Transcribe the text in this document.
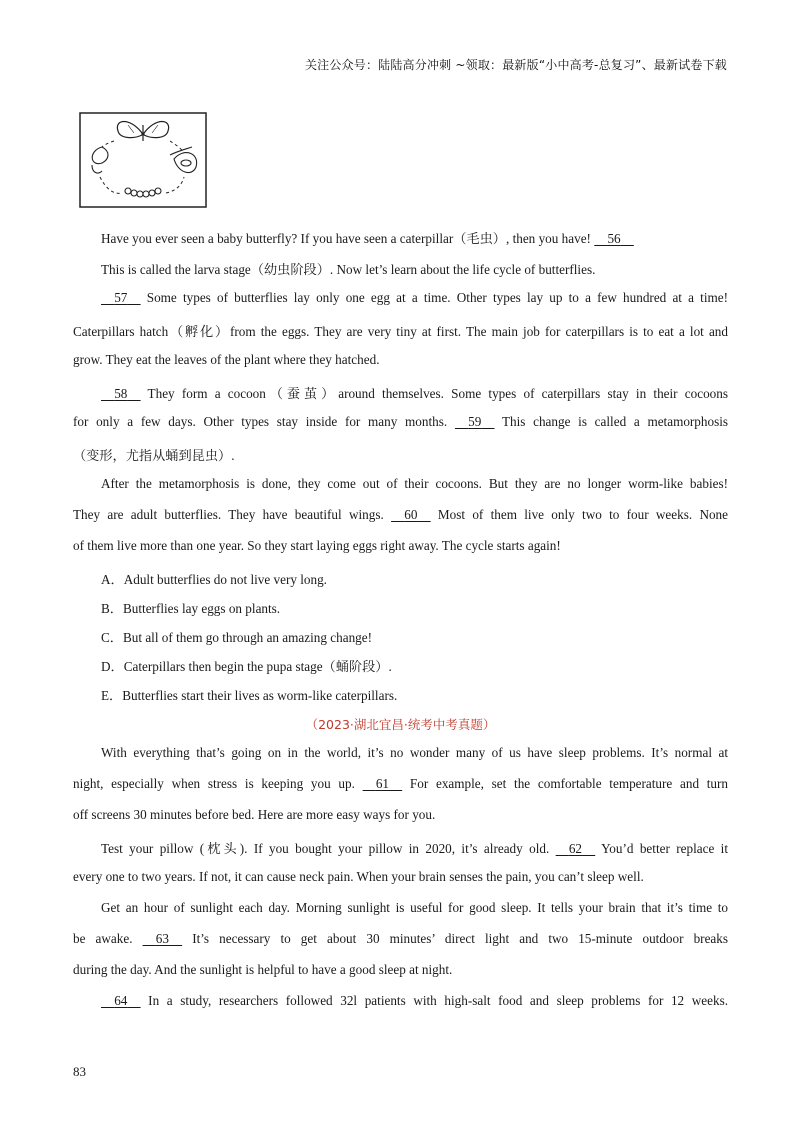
关注公众号：陆陆高分冲刺 ~领取：最新版“小中高考-总复习”、最新试卷下载
Have you ever seen a baby butterfly? If you have seen a caterpillar（毛虫）, then you have! 56
This is called the larva stage（幼虫阶段）. Now let’s learn about the life cycle of butterflies.
57 Some types of butterflies lay only one egg at a time. Other types lay up to a few hundred at a time!
Caterpillars hatch（孵化）from the eggs. They are very tiny at first. The main job for caterpillars is to eat a lot and
grow. They eat the leaves of the plant where they hatched.
58 They form a cocoon（蚕茧）around themselves. Some types of caterpillars stay in their cocoons
for only a few days. Other types stay inside for many months. 59 This change is called a metamorphosis
（变形，尤指从蛹到昆虫）.
After the metamorphosis is done, they come out of their cocoons. But they are no longer worm-like babies!
They are adult butterflies. They have beautiful wings. 60 Most of them live only two to four weeks. None
of them live more than one year. So they start laying eggs right away. The cycle starts again!
A．Adult butterflies do not live very long.
B．Butterflies lay eggs on plants.
C．But all of them go through an amazing change!
D．Caterpillars then begin the pupa stage（蛹阶段）.
E．Butterflies start their lives as worm-like caterpillars.
（2023·湖北宜昌·统考中考真题）
With everything that’s going on in the world, it’s no wonder many of us have sleep problems. It’s normal at
night, especially when stress is keeping you up. 61 For example, set the comfortable temperature and turn
off screens 30 minutes before bed. Here are more easy ways for you.
Test your pillow (枕头). If you bought your pillow in 2020, it’s already old. 62 You’d better replace it
every one to two years. If not, it can cause neck pain. When your brain senses the pain, you can’t sleep well.
Get an hour of sunlight each day. Morning sunlight is useful for good sleep. It tells your brain that it’s time to
be awake. 63 It’s necessary to get about 30 minutes’ direct light and two 15-minute outdoor breaks
during the day. And the sunlight is helpful to have a good sleep at night.
64 In a study, researchers followed 32l patients with high-salt food and sleep problems for 12 weeks.
83
